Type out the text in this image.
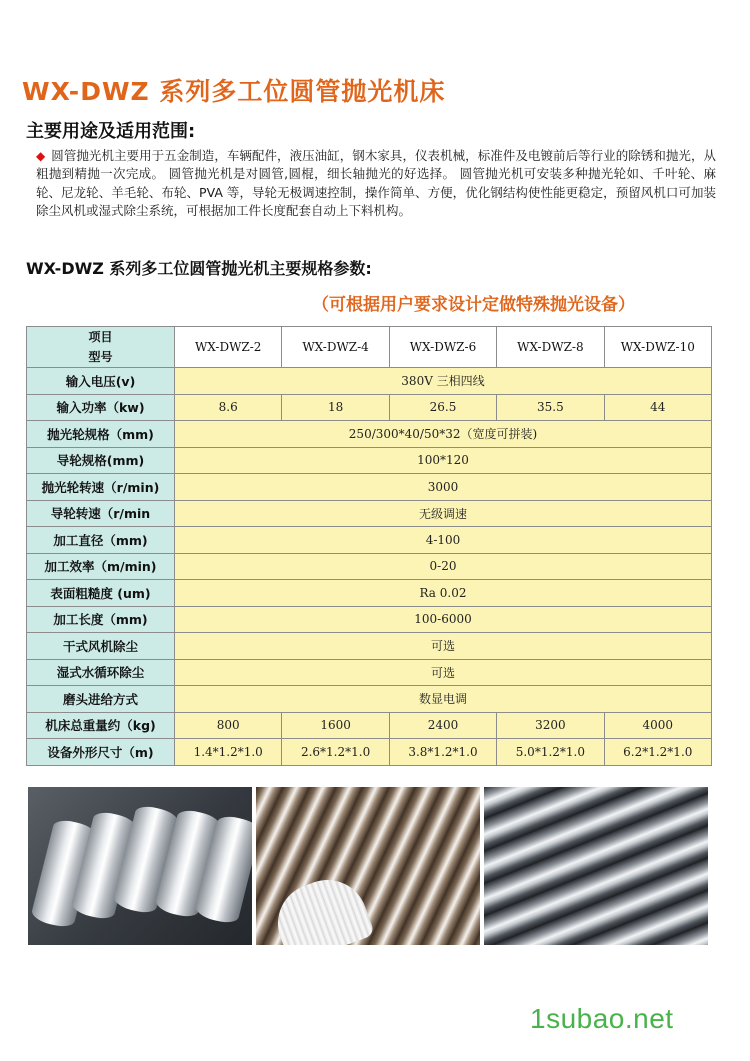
WX-DWZ 系列多工位圆管抛光机床
主要用途及适用范围:
◆ 圆管抛光机主要用于五金制造，车辆配件，液压油缸，钢木家具，仪表机械，标准件及电镀前后等行业的除锈和抛光，从粗抛到精抛一次完成。 圆管抛光机是对圆管,圆棍，细长轴抛光的好选择。 圆管抛光机可安装多种抛光轮如、千叶轮、麻轮、尼龙轮、羊毛轮、布轮、PVA 等，导轮无极调速控制，操作简单、方便，优化钢结构使性能更稳定，预留风机口可加装除尘风机或湿式除尘系统，可根据加工件长度配套自动上下料机构。
WX-DWZ 系列多工位圆管抛光机主要规格参数:
（可根据用户要求设计定做特殊抛光设备）
项目
型号	WX-DWZ-2	WX-DWZ-4	WX-DWZ-6	WX-DWZ-8	WX-DWZ-10
输入电压(v)	380V 三相四线				
输入功率（kw)	8.6	18	26.5	35.5	44
抛光轮规格（mm)	250/300*40/50*32（宽度可拼装)				
导轮规格(mm)	100*120				
抛光轮转速（r/min)	3000				
导轮转速（r/min	无级调速				
加工直径（mm)	4-100				
加工效率（m/min)	0-20				
表面粗糙度 (um)	Ra 0.02				
加工长度（mm)	100-6000				
干式风机除尘	可选				
湿式水循环除尘	可选				
磨头进给方式	数显电调				
机床总重量约（kg)	800	1600	2400	3200	4000
设备外形尺寸（m)	1.4*1.2*1.0	2.6*1.2*1.0	3.8*1.2*1.0	5.0*1.2*1.0	6.2*1.2*1.0
1subao.net
